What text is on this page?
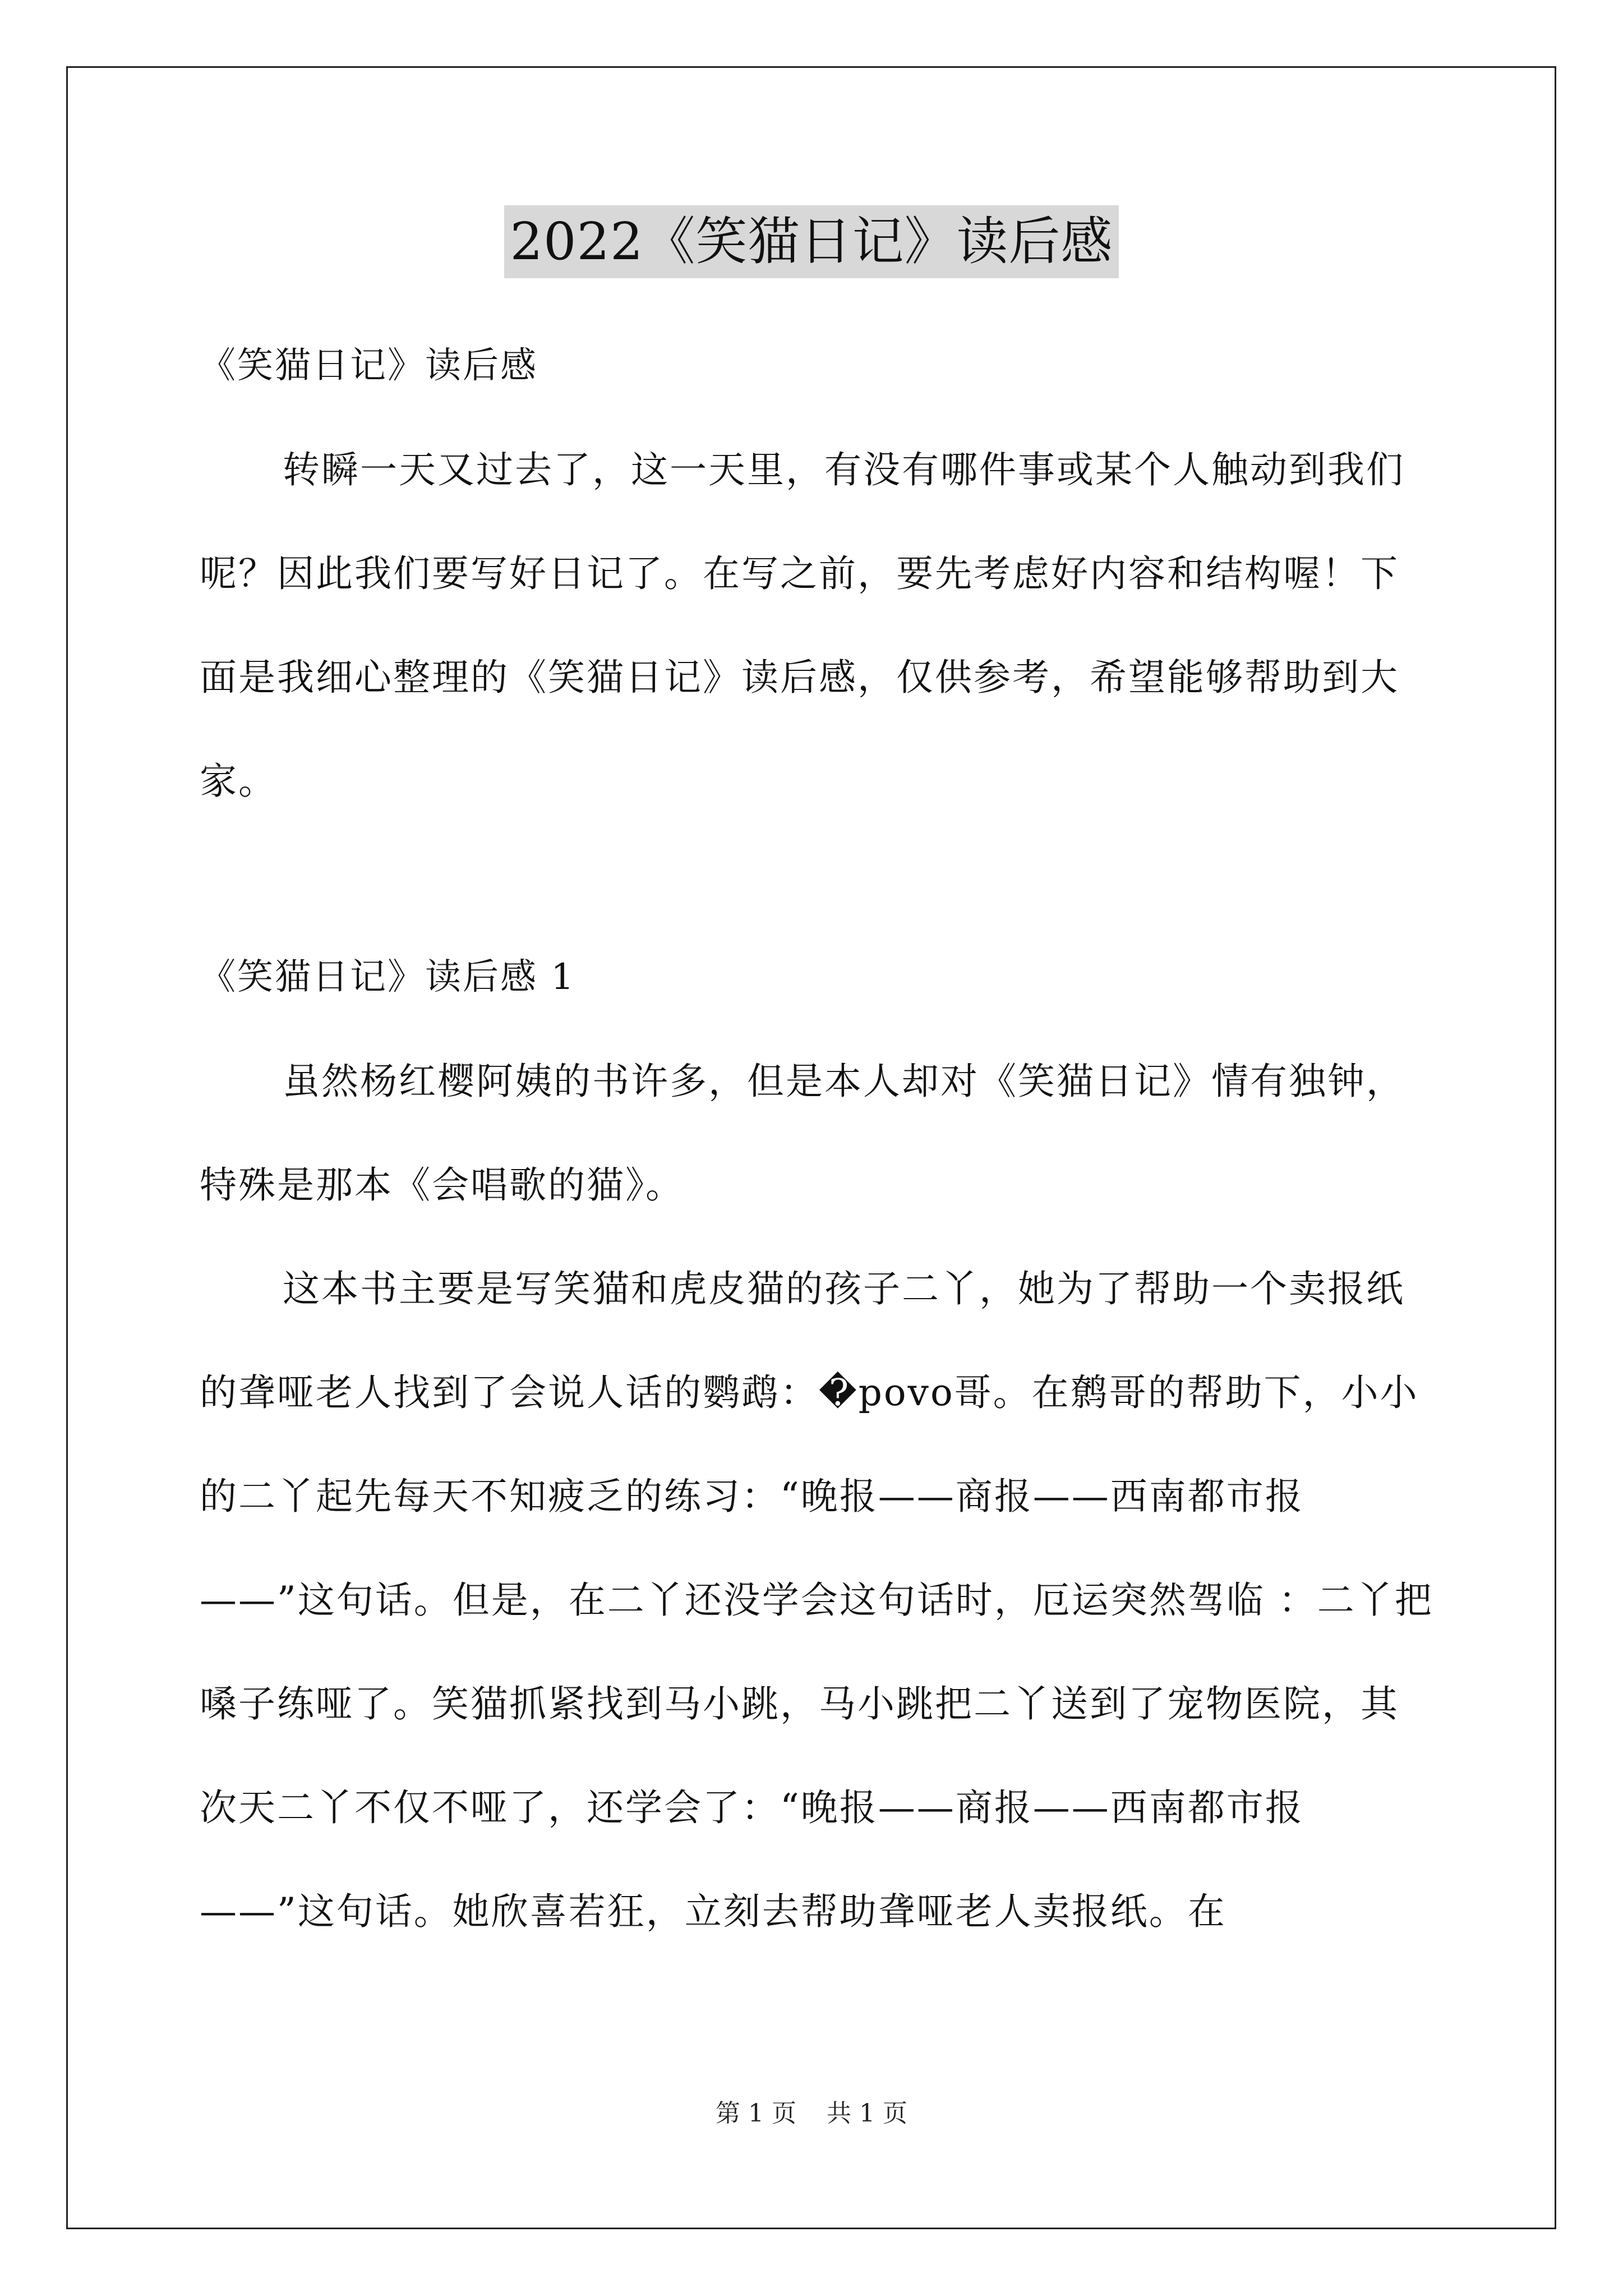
2022《笑猫日记》读后感

《笑猫日记》读后感

转瞬一天又过去了，这一天里，有没有哪件事或某个人触动到我们呢？因此我们要写好日记了。在写之前，要先考虑好内容和结构喔！下面是我细心整理的《笑猫日记》读后感，仅供参考，希望能够帮助到大家。

《笑猫日记》读后感 1

虽然杨红樱阿姨的书许多，但是本人却对《笑猫日记》情有独钟，特殊是那本《会唱歌的猫》。

这本书主要是写笑猫和虎皮猫的孩子二丫，她为了帮助一个卖报纸的聋哑老人找到了会说人话的鹦鹉：�povo哥。在鹩哥的帮助下，小小的二丫起先每天不知疲乏的练习：“晚报——商报——西南都市报——”这句话。但是，在二丫还没学会这句话时，厄运突然驾临 ：二丫把嗓子练哑了。笑猫抓紧找到马小跳，马小跳把二丫送到了宠物医院，其次天二丫不仅不哑了，还学会了：“晚报——商报——西南都市报——”这句话。她欣喜若狂，立刻去帮助聋哑老人卖报纸。在

第 1 页 共 1 页
